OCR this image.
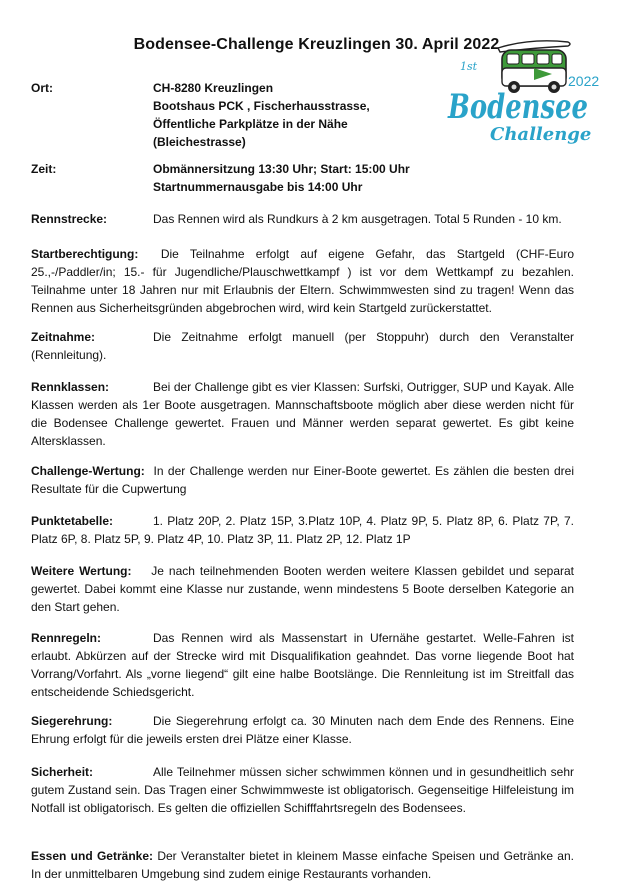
Bodensee-Challenge Kreuzlingen 30. April 2022
1st
2022
Bodensee
Challenge
Ort:	CH-8280 Kreuzlingen
Bootshaus PCK , Fischerhausstrasse,
Öffentliche Parkplätze in der Nähe
(Bleichestrasse)
Zeit:	Obmännersitzung 13:30 Uhr; Start: 15:00 Uhr
Startnummernausgabe bis 14:00 Uhr
Rennstrecke:	Das Rennen wird als Rundkurs à 2 km ausgetragen. Total 5 Runden - 10 km.
Startberechtigung: Die Teilnahme erfolgt auf eigene Gefahr, das Startgeld (CHF-Euro 25.,-/Paddler/in; 15.- für Jugendliche/Plauschwettkampf ) ist vor dem Wettkampf zu bezahlen. Teilnahme unter 18 Jahren nur mit Erlaubnis der Eltern. Schwimmwesten sind zu tragen! Wenn das Rennen aus Sicherheitsgründen abgebrochen wird, wird kein Startgeld zurückerstattet.
Zeitnahme:	Die Zeitnahme erfolgt manuell (per Stoppuhr) durch den Veranstalter (Rennleitung).
Rennklassen:	Bei der Challenge gibt es vier Klassen: Surfski, Outrigger, SUP und Kayak. Alle Klassen werden als 1er Boote ausgetragen. Mannschaftsboote möglich aber diese werden nicht für die Bodensee Challenge gewertet. Frauen und Männer werden separat gewertet. Es gibt keine Altersklassen.
Challenge-Wertung: In der Challenge werden nur Einer-Boote gewertet. Es zählen die besten drei Resultate für die Cupwertung
Punktetabelle:	1. Platz 20P, 2. Platz 15P, 3.Platz 10P, 4. Platz 9P, 5. Platz 8P, 6. Platz 7P, 7. Platz 6P, 8. Platz 5P, 9. Platz 4P, 10. Platz 3P, 11. Platz 2P, 12. Platz 1P
Weitere Wertung: Je nach teilnehmenden Booten werden weitere Klassen gebildet und separat gewertet. Dabei kommt eine Klasse nur zustande, wenn mindestens 5 Boote derselben Kategorie an den Start gehen.
Rennregeln:	Das Rennen wird als Massenstart in Ufernähe gestartet. Welle-Fahren ist erlaubt. Abkürzen auf der Strecke wird mit Disqualifikation geahndet. Das vorne liegende Boot hat Vorrang/Vorfahrt. Als „vorne liegend“ gilt eine halbe Bootslänge. Die Rennleitung ist im Streitfall das entscheidende Schiedsgericht.
Siegerehrung:	Die Siegerehrung erfolgt ca. 30 Minuten nach dem Ende des Rennens. Eine Ehrung erfolgt für die jeweils ersten drei Plätze einer Klasse.
Sicherheit:	Alle Teilnehmer müssen sicher schwimmen können und in gesundheitlich sehr gutem Zustand sein. Das Tragen einer Schwimmweste ist obligatorisch. Gegenseitige Hilfeleistung im Notfall ist obligatorisch. Es gelten die offiziellen Schifffahrtsregeln des Bodensees.
Essen und Getränke: Der Veranstalter bietet in kleinem Masse einfache Speisen und Getränke an. In der unmittelbaren Umgebung sind zudem einige Restaurants vorhanden.
